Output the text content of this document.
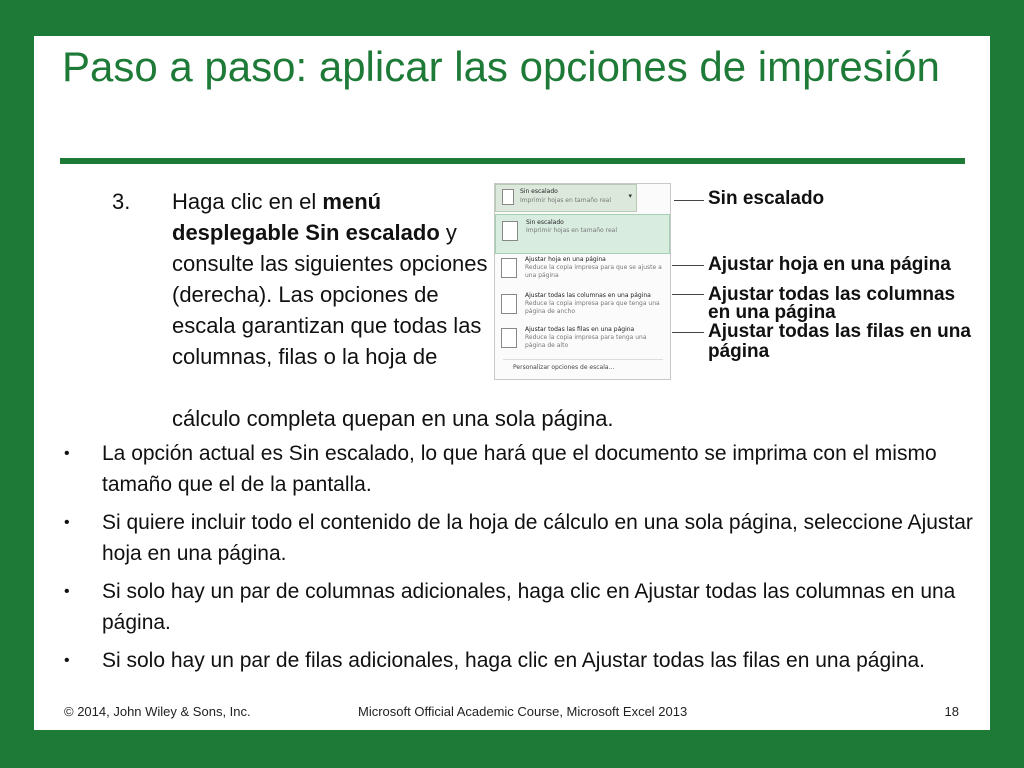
Paso a paso: aplicar las opciones de impresión
3. Haga clic en el menú desplegable Sin escalado y consulte las siguientes opciones (derecha). Las opciones de escala garantizan que todas las columnas, filas o la hoja de
cálculo completa quepan en una sola página.
Sin escalado
Imprimir hojas en tamaño real
▾
Sin escalado
Imprimir hojas en tamaño real
Ajustar hoja en una página
Reduce la copia impresa para que se ajuste a una página
Ajustar todas las columnas en una página
Reduce la copia impresa para que tenga una página de ancho
Ajustar todas las filas en una página
Reduce la copia impresa para tenga una página de alto
Personalizar opciones de escala...
Sin escalado
Ajustar hoja en una página
Ajustar todas las columnas
en una página
Ajustar todas las filas en una
página
• La opción actual es Sin escalado, lo que hará que el documento se imprima con el mismo tamaño que el de la pantalla.
• Si quiere incluir todo el contenido de la hoja de cálculo en una sola página, seleccione Ajustar hoja en una página.
• Si solo hay un par de columnas adicionales, haga clic en Ajustar todas las columnas en una página.
• Si solo hay un par de filas adicionales, haga clic en Ajustar todas las filas en una página.
© 2014, John Wiley & Sons, Inc.	Microsoft Official Academic Course, Microsoft Excel 2013	18
